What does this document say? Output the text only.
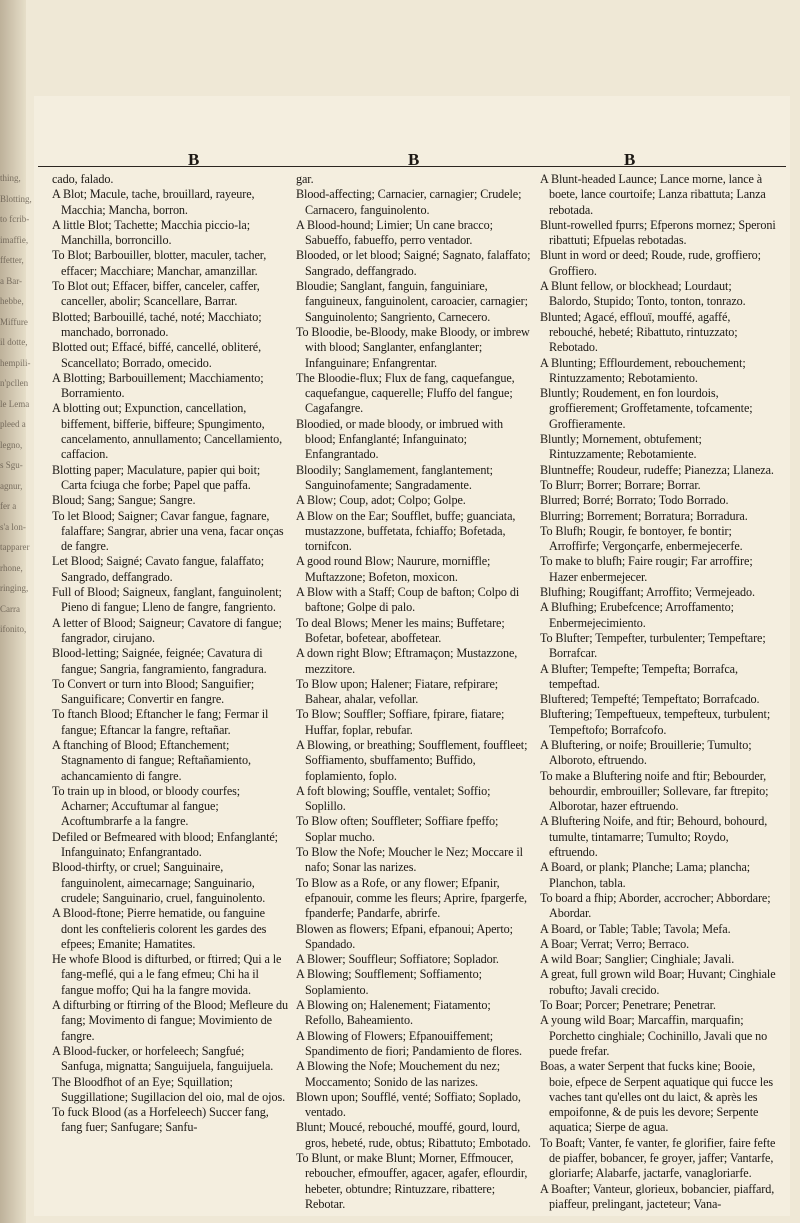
thing,
Blotting,
to fcrib-
imaffie,
ffetter,
a Bar-
hebbe,
Miffure
il dotte,
hempili-
n'pcllen
le Lema
pleed a
legno,
s Sgu-
agnur,
fer a
s'a lon-
tapparer
rhone,
ringing,
Carra
ifonito,
B	B	B

cado, falado.

A Blot; Macule, tache, brouillard, rayeure, Macchia; Mancha, borron.

A little Blot; Tachette; Macchia piccio-la; Manchilla, borroncillo.

To Blot; Barbouiller, blotter, maculer, tacher, effacer; Macchiare; Manchar, amanzillar.

To Blot out; Effacer, biffer, canceler, caffer, canceller, abolir; Scancellare, Barrar.

Blotted; Barbouillé, taché, noté; Macchiato; manchado, borronado.

Blotted out; Effacé, biffé, cancellé, obliteré, Scancellato; Borrado, omecido.

A Blotting; Barbouillement; Macchiamento; Borramiento.

A blotting out; Expunction, cancellation, biffement, bifferie, biffeure; Spungimento, cancelamento, annullamento; Cancellamiento, caffacion.

Blotting paper; Maculature, papier qui boit; Carta fciuga che forbe; Papel que paffa.

Bloud; Sang; Sangue; Sangre.

To let Blood; Saigner; Cavar fangue, fagnare, falaffare; Sangrar, abrier una vena, facar onças de fangre.

Let Blood; Saigné; Cavato fangue, falaffato; Sangrado, deffangrado.

Full of Blood; Saigneux, fanglant, fanguinolent; Pieno di fangue; Lleno de fangre, fangriento.

A letter of Blood; Saigneur; Cavatore di fangue; fangrador, cirujano.

Blood-letting; Saignée, feignée; Cavatura di fangue; Sangria, fangramiento, fangradura.

To Convert or turn into Blood; Sanguifier; Sanguificare; Convertir en fangre.

To ftanch Blood; Eftancher le fang; Fermar il fangue; Eftancar la fangre, reftañar.

A ftanching of Blood; Eftanchement; Stagnamento di fangue; Reftañamiento, achancamiento di fangre.

To train up in blood, or bloody courfes; Acharner; Accuftumar al fangue; Acoftumbrarfe a la fangre.

Defiled or Befmeared with blood; Enfanglanté; Infanguinato; Enfangrantado.

Blood-thirfty, or cruel; Sanguinaire, fanguinolent, aimecarnage; Sanguinario, crudele; Sanguinario, cruel, fanguinolento.

A Blood-ftone; Pierre hematide, ou fanguine dont les conftelieris colorent les gardes des efpees; Emanite; Hamatites.

He whofe Blood is difturbed, or ftirred; Qui a le fang-meflé, qui a le fang efmeu; Chi ha il fangue moffo; Qui ha la fangre movida.

A difturbing or ftirring of the Blood; Mefleure du fang; Movimento di fangue; Movimiento de fangre.

A Blood-fucker, or horfeleech; Sangfué; Sanfuga, mignatta; Sanguijuela, fanguijuela.

The Bloodfhot of an Eye; Squillation; Suggillatione; Sugillacion del oio, mal de ojos.

To fuck Blood (as a Horfeleech) Succer fang, fang fuer; Sanfugare; Sanfu-

gar.

Blood-affecting; Carnacier, carnagier; Crudele; Carnacero, fanguinolento.

A Blood-hound; Limier; Un cane bracco; Sabueffo, fabueffo, perro ventador.

Blooded, or let blood; Saigné; Sagnato, falaffato; Sangrado, deffangrado.

Bloudie; Sanglant, fanguin, fanguiniare, fanguineux, fanguinolent, caroacier, carnagier; Sanguinolento; Sangriento, Carnecero.

To Bloodie, be-Bloody, make Bloody, or imbrew with blood; Sanglanter, enfanglanter; Infanguinare; Enfangrentar.

The Bloodie-flux; Flux de fang, caquefangue, caquefangue, caquerelle; Fluffo del fangue; Cagafangre.

Bloodied, or made bloody, or imbrued with blood; Enfanglanté; Infanguinato; Enfangrantado.

Bloodily; Sanglamement, fanglantement; Sanguinofamente; Sangradamente.

A Blow; Coup, adot; Colpo; Golpe.

A Blow on the Ear; Soufflet, buffe; guanciata, mustazzone, buffetata, fchiaffo; Bofetada, tornifcon.

A good round Blow; Naurure, morniffle; Muftazzone; Bofeton, moxicon.

A Blow with a Staff; Coup de bafton; Colpo di baftone; Golpe di palo.

To deal Blows; Mener les mains; Buffetare; Bofetar, bofetear, aboffetear.

A down right Blow; Eftramaçon; Mustazzone, mezzitore.

To Blow upon; Halener; Fiatare, refpirare; Bahear, ahalar, vefollar.

To Blow; Souffler; Soffiare, fpirare, fiatare; Huffar, foplar, rebufar.

A Blowing, or breathing; Soufflement, fouffleet; Soffiamento, sbuffamento; Buffido, foplamiento, foplo.

A foft blowing; Souffle, ventalet; Soffio; Soplillo.

To Blow often; Souffleter; Soffiare fpeffo; Soplar mucho.

To Blow the Nofe; Moucher le Nez; Moccare il nafo; Sonar las narizes.

To Blow as a Rofe, or any flower; Efpanir, efpanouir, comme les fleurs; Aprire, fpargerfe, fpanderfe; Pandarfe, abrirfe.

Blowen as flowers; Efpani, efpanoui; Aperto; Spandado.

A Blower; Souffleur; Soffiatore; Soplador.

A Blowing; Soufflement; Soffiamento; Soplamiento.

A Blowing on; Halenement; Fiatamento; Refollo, Baheamiento.

A Blowing of Flowers; Efpanouiffement; Spandimento de fiori; Pandamiento de flores.

A Blowing the Nofe; Mouchement du nez; Moccamento; Sonido de las narizes.

Blown upon; Soufflé, venté; Soffiato; Soplado, ventado.

Blunt; Moucé, rebouché, mouffé, gourd, lourd, gros, hebeté, rude, obtus; Ribattuto; Embotado.

To Blunt, or make Blunt; Morner, Effmoucer, reboucher, efmouffer, agacer, agafer, eflourdir, hebeter, obtundre; Rintuzzare, ribattere; Rebotar.

A Blunt-headed Launce; Lance morne, lance à boete, lance courtoife; Lanza ribattuta; Lanza rebotada.

Blunt-rowelled fpurrs; Efperons mornez; Speroni ribattuti; Efpuelas rebotadas.

Blunt in word or deed; Roude, rude, groffiero; Groffiero.

A Blunt fellow, or blockhead; Lourdaut; Balordo, Stupido; Tonto, tonton, tonrazo.

Blunted; Agacé, efflouï, mouffé, agaffé, rebouché, hebeté; Ribattuto, rintuzzato; Rebotado.

A Blunting; Efflourdement, rebouchement; Rintuzzamento; Rebotamiento.

Bluntly; Roudement, en fon lourdois, groffierement; Groffetamente, tofcamente; Groffieramente.

Bluntly; Mornement, obtufement; Rintuzzamente; Rebotamiente.

Bluntneffe; Roudeur, rudeffe; Pianezza; Llaneza.

To Blurr; Borrer; Borrare; Borrar.

Blurred; Borré; Borrato; Todo Borrado.

Blurring; Borrement; Borratura; Borradura.

To Blufh; Rougir, fe bontoyer, fe bontir; Arroffirfe; Vergonçarfe, enbermejecerfe.

To make to blufh; Faire rougir; Far arroffire; Hazer enbermejecer.

Blufhing; Rougiffant; Arroffito; Vermejeado.

A Blufhing; Erubefcence; Arroffamento; Enbermejecimiento.

To Blufter; Tempefter, turbulenter; Tempeftare; Borrafcar.

A Blufter; Tempefte; Tempefta; Borrafca, tempeftad.

Bluftered; Tempefté; Tempeftato; Borrafcado.

Bluftering; Tempeftueux, tempefteux, turbulent; Tempeftofo; Borrafcofo.

A Bluftering, or noife; Brouillerie; Tumulto; Alboroto, eftruendo.

To make a Bluftering noife and ftir; Bebourder, behourdir, embrouiller; Sollevare, far ftrepito; Alborotar, hazer eftruendo.

A Bluftering Noife, and ftir; Behourd, bohourd, tumulte, tintamarre; Tumulto; Roydo, eftruendo.

A Board, or plank; Planche; Lama; plancha; Planchon, tabla.

To board a fhip; Aborder, accrocher; Abbordare; Abordar.

A Board, or Table; Table; Tavola; Mefa.

A Boar; Verrat; Verro; Berraco.

A wild Boar; Sanglier; Cinghiale; Javali.

A great, full grown wild Boar; Huvant; Cinghiale robufto; Javali crecido.

To Boar; Porcer; Penetrare; Penetrar.

A young wild Boar; Marcaffin, marquafin; Porchetto cinghiale; Cochinillo, Javali que no puede frefar.

Boas, a water Serpent that fucks kine; Booie, boie, efpece de Serpent aquatique qui fucce les vaches tant qu'elles ont du laict, & après les empoifonne, & de puis les devore; Serpente aquatica; Sierpe de agua.

To Boaft; Vanter, fe vanter, fe glorifier, faire fefte de piaffer, bobancer, fe groyer, jaffer; Vantarfe, gloriarfe; Alabarfe, jactarfe, vanagloriarfe.

A Boafter; Vanteur, glorieux, bobancier, piaffard, piaffeur, prelingant, jacteteur; Vana-
